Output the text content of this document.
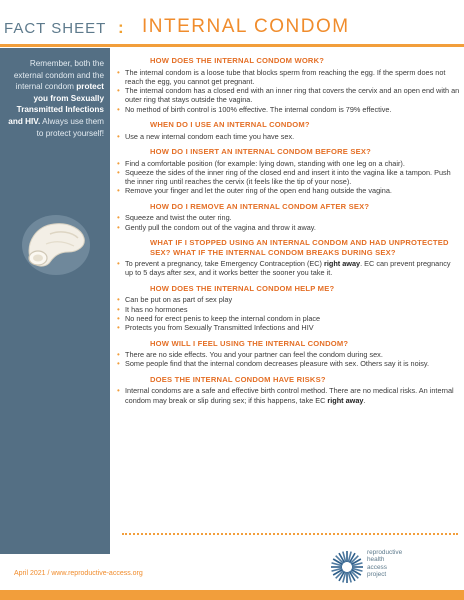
FACT SHEET : INTERNAL CONDOM
Remember, both the external condom and the internal condom protect you from Sexually Transmitted Infections and HIV. Always use them to protect yourself!
HOW DOES THE INTERNAL CONDOM WORK?
• The internal condom is a loose tube that blocks sperm from reaching the egg. If the sperm does not reach the egg, you cannot get pregnant.
• The internal condom has a closed end with an inner ring that covers the cervix and an open end with an outer ring that stays outside the vagina.
• No method of birth control is 100% effective. The internal condom is 79% effective.
WHEN DO I USE AN INTERNAL CONDOM?
• Use a new internal condom each time you have sex.
HOW DO I INSERT AN INTERNAL CONDOM BEFORE SEX?
• Find a comfortable position (for example: lying down, standing with one leg on a chair).
• Squeeze the sides of the inner ring of the closed end and insert it into the vagina like a tampon. Push the inner ring until reaches the cervix (it feels like the tip of your nose).
• Remove your finger and let the outer ring of the open end hang outside the vagina.
HOW DO I REMOVE AN INTERNAL CONDOM AFTER SEX?
• Squeeze and twist the outer ring.
• Gently pull the condom out of the vagina and throw it away.
WHAT IF I STOPPED USING AN INTERNAL CONDOM AND HAD UNPROTECTED SEX? WHAT IF THE INTERNAL CONDOM BREAKS DURING SEX?
• To prevent a pregnancy, take Emergency Contraception (EC) right away. EC can prevent pregnancy up to 5 days after sex, and it works better the sooner you take it.
HOW DOES THE INTERNAL CONDOM HELP ME?
• Can be put on as part of sex play
• It has no hormones
• No need for erect penis to keep the internal condom in place
• Protects you from Sexually Transmitted Infections and HIV
HOW WILL I FEEL USING THE INTERNAL CONDOM?
• There are no side effects. You and your partner can feel the condom during sex.
• Some people find that the internal condom decreases pleasure with sex. Others say it is noisy.
DOES THE INTERNAL CONDOM HAVE RISKS?
• Internal condoms are a safe and effective birth control method. There are no medical risks. An internal condom may break or slip during sex; if this happens, take EC right away.
April 2021 / www.reproductive-access.org
reproductive
health
access
project
